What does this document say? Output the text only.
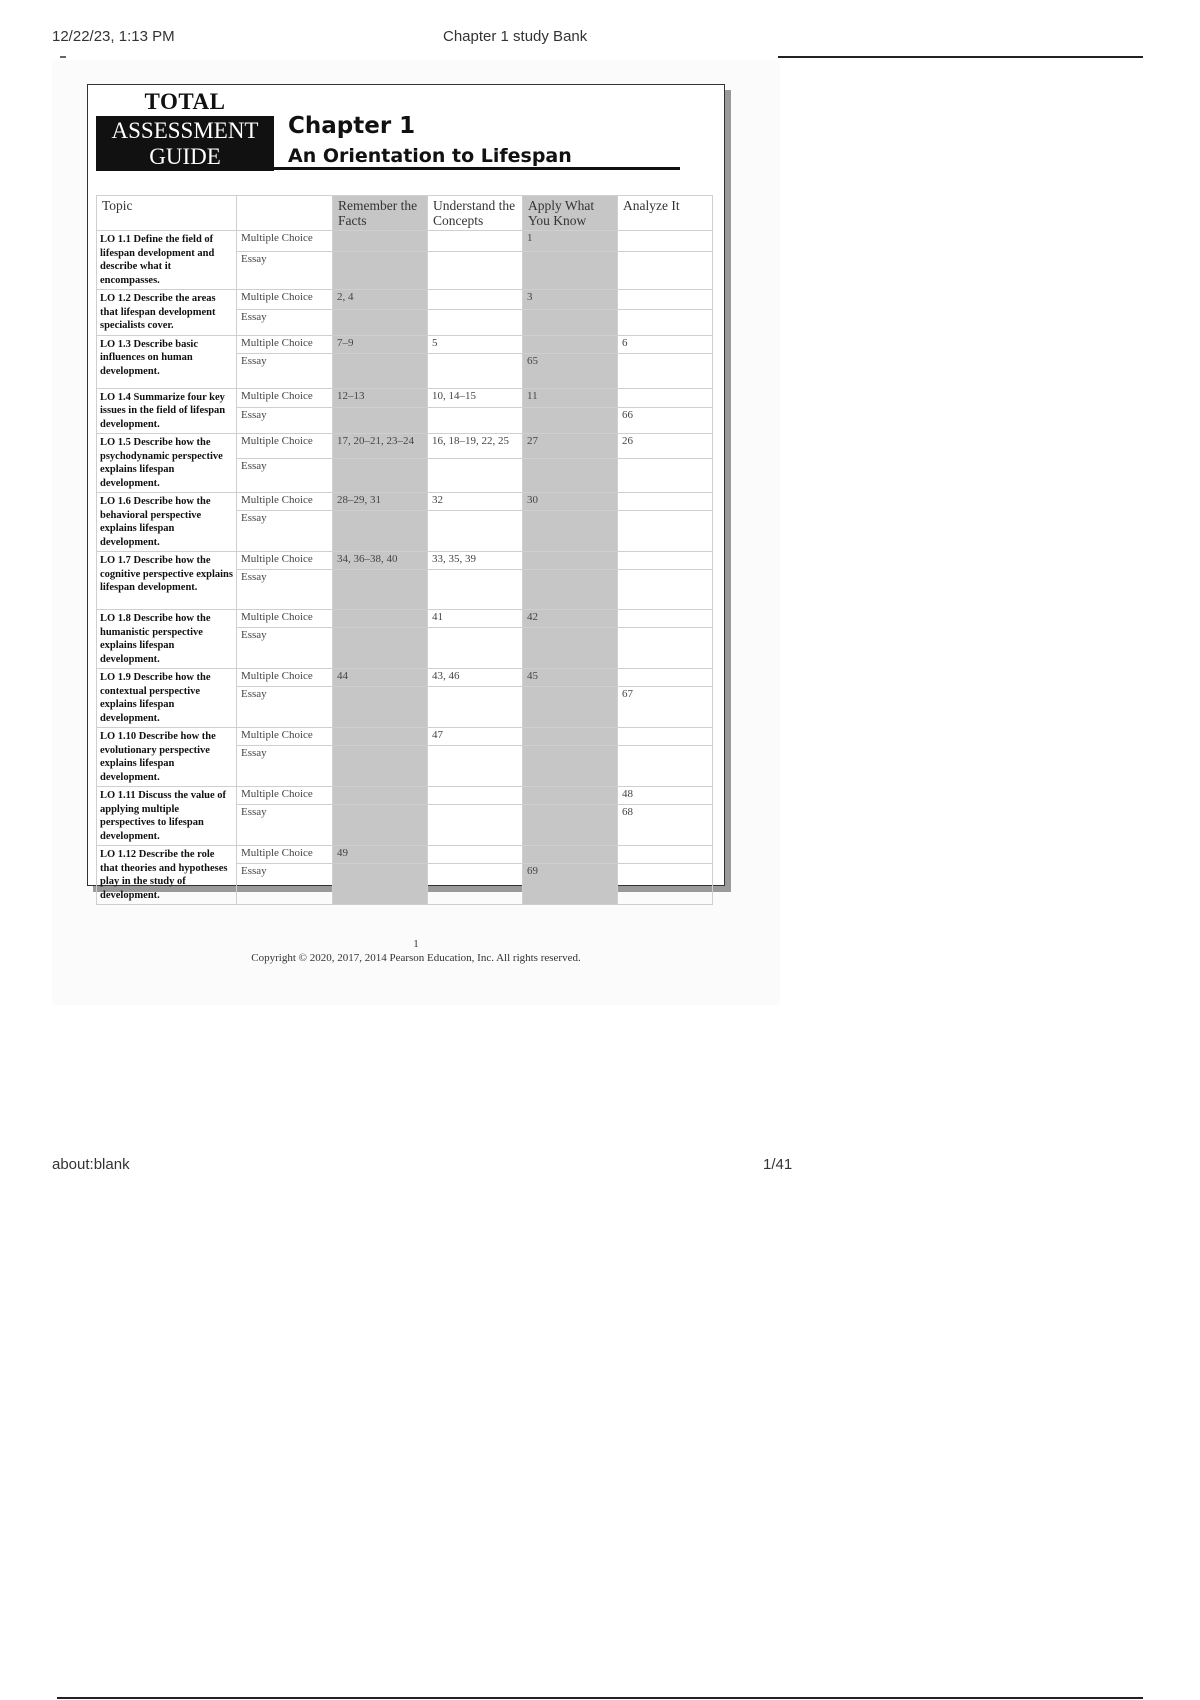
12/22/23, 1:13 PM	Chapter 1 study Bank
TOTAL
ASSESSMENT
GUIDE
Chapter 1
An Orientation to Lifespan
Topic		Remember the Facts	Understand the Concepts	Apply What You Know	Analyze It
LO 1.1 Define the field of lifespan development and describe what it encompasses.	Multiple Choice			1	
	Essay				
LO 1.2 Describe the areas that lifespan development specialists cover.	Multiple Choice	2, 4		3	
	Essay				
LO 1.3 Describe basic influences on human development.	Multiple Choice	7–9	5		6
	Essay			65	
LO 1.4 Summarize four key issues in the field of lifespan development.	Multiple Choice	12–13	10, 14–15	11	
	Essay				66
LO 1.5 Describe how the psychodynamic perspective explains lifespan development.	Multiple Choice	17, 20–21, 23–24	16, 18–19, 22, 25	27	26
	Essay				
LO 1.6 Describe how the behavioral perspective explains lifespan development.	Multiple Choice	28–29, 31	32	30	
	Essay				
LO 1.7 Describe how the cognitive perspective explains lifespan development.	Multiple Choice	34, 36–38, 40	33, 35, 39		
	Essay				
LO 1.8 Describe how the humanistic perspective explains lifespan development.	Multiple Choice		41	42	
	Essay				
LO 1.9 Describe how the contextual perspective explains lifespan development.	Multiple Choice	44	43, 46	45	
	Essay				67
LO 1.10 Describe how the evolutionary perspective explains lifespan development.	Multiple Choice		47		
	Essay				
LO 1.11 Discuss the value of applying multiple perspectives to lifespan development.	Multiple Choice				48
	Essay				68
LO 1.12 Describe the role that theories and hypotheses play in the study of development.	Multiple Choice	49			
	Essay			69	
1
Copyright © 2020, 2017, 2014 Pearson Education, Inc. All rights reserved.
about:blank	1/41
